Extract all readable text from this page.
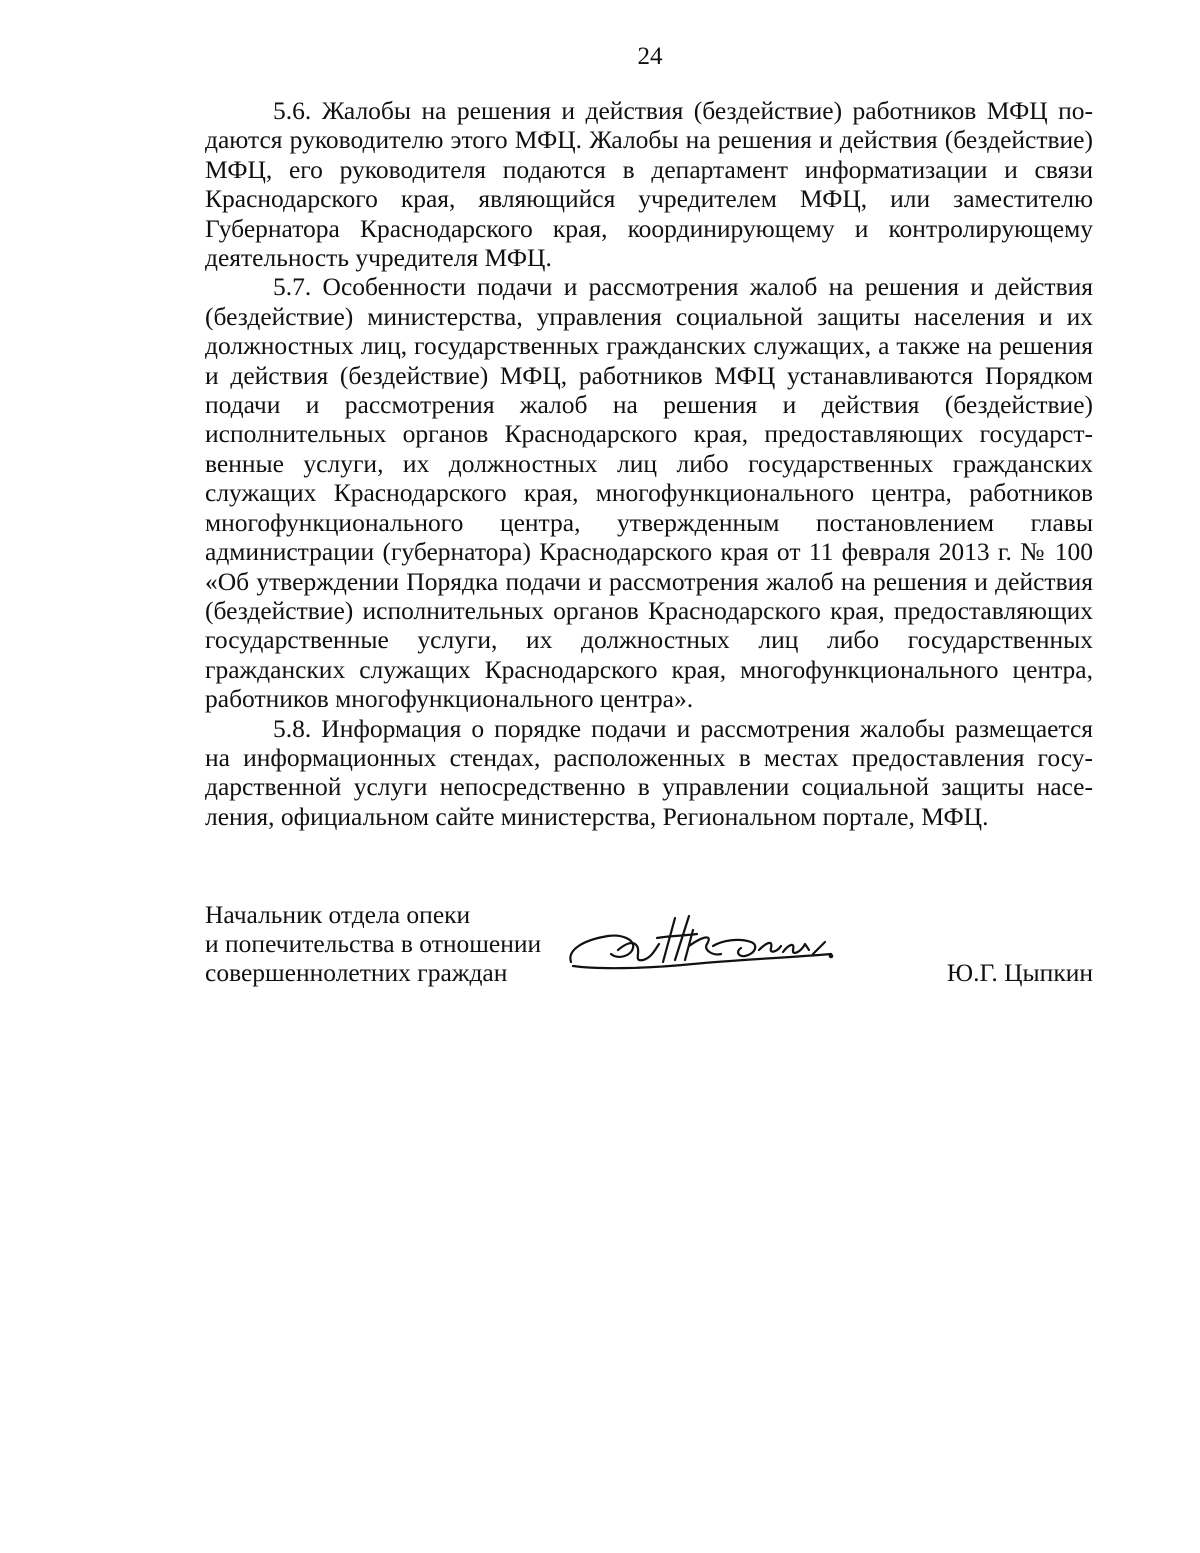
24

5.6. Жалобы на решения и действия (бездействие) работников МФЦ подаются руководителю этого МФЦ. Жалобы на решения и действия (бездействие) МФЦ, его руководителя подаются в департамент информатизации и связи Краснодарского края, являющийся учредителем МФЦ, или заместителю Губернатора Краснодарского края, координирующему и контролирующему деятельность учредителя МФЦ.

5.7. Особенности подачи и рассмотрения жалоб на решения и действия (бездействие) министерства, управления социальной защиты населения и их должностных лиц, государственных гражданских служащих, а также на решения и действия (бездействие) МФЦ, работников МФЦ устанавливаются Порядком подачи и рассмотрения жалоб на решения и действия (бездействие) исполнительных органов Краснодарского края, предоставляющих государственные услуги, их должностных лиц либо государственных гражданских служащих Краснодарского края, многофункционального центра, работников многофункционального центра, утвержденным постановлением главы администрации (губернатора) Краснодарского края от 11 февраля 2013 г. № 100 «Об утверждении Порядка подачи и рассмотрения жалоб на решения и действия (бездействие) исполнительных органов Краснодарского края, предоставляющих государственные услуги, их должностных лиц либо государственных гражданских служащих Краснодарского края, многофункционального центра, работников многофункционального центра».

5.8. Информация о порядке подачи и рассмотрения жалобы размещается на информационных стендах, расположенных в местах предоставления государственной услуги непосредственно в управлении социальной защиты населения, официальном сайте министерства, Региональном портале, МФЦ.

Начальник отдела опеки
и попечительства в отношении
совершеннолетних граждан	Ю.Г. Цыпкин
